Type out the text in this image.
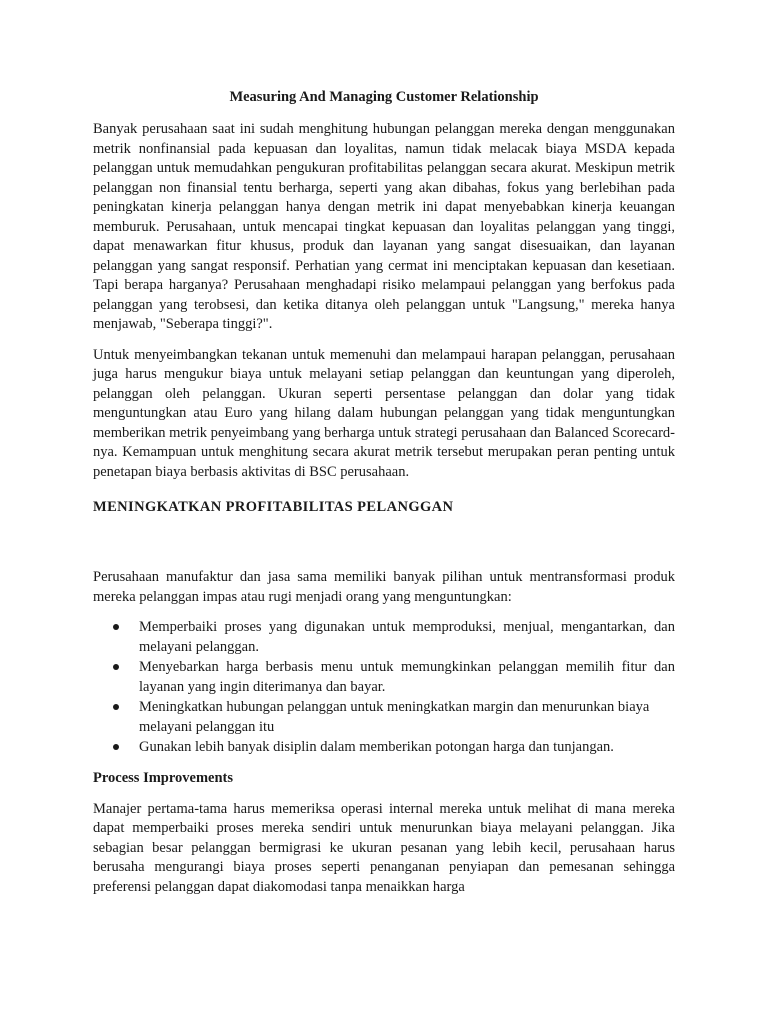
Measuring And Managing Customer Relationship

Banyak perusahaan saat ini sudah menghitung hubungan pelanggan mereka dengan menggunakan metrik nonfinansial pada kepuasan dan loyalitas, namun tidak melacak biaya MSDA kepada pelanggan untuk memudahkan pengukuran profitabilitas pelanggan secara akurat. Meskipun metrik pelanggan non finansial tentu berharga, seperti yang akan dibahas, fokus yang berlebihan pada peningkatan kinerja pelanggan hanya dengan metrik ini dapat menyebabkan kinerja keuangan memburuk. Perusahaan, untuk mencapai tingkat kepuasan dan loyalitas pelanggan yang tinggi, dapat menawarkan fitur khusus, produk dan layanan yang sangat disesuaikan, dan layanan pelanggan yang sangat responsif. Perhatian yang cermat ini menciptakan kepuasan dan kesetiaan. Tapi berapa harganya? Perusahaan menghadapi risiko melampaui pelanggan yang berfokus pada pelanggan yang terobsesi, dan ketika ditanya oleh pelanggan untuk "Langsung," mereka hanya menjawab, "Seberapa tinggi?".

Untuk menyeimbangkan tekanan untuk memenuhi dan melampaui harapan pelanggan, perusahaan juga harus mengukur biaya untuk melayani setiap pelanggan dan keuntungan yang diperoleh, pelanggan oleh pelanggan. Ukuran seperti persentase pelanggan dan dolar yang tidak menguntungkan atau Euro yang hilang dalam hubungan pelanggan yang tidak menguntungkan memberikan metrik penyeimbang yang berharga untuk strategi perusahaan dan Balanced Scorecard-nya. Kemampuan untuk menghitung secara akurat metrik tersebut merupakan peran penting untuk penetapan biaya berbasis aktivitas di BSC perusahaan.

MENINGKATKAN PROFITABILITAS PELANGGAN

Perusahaan manufaktur dan jasa sama memiliki banyak pilihan untuk mentransformasi produk mereka pelanggan impas atau rugi menjadi orang yang menguntungkan:

Memperbaiki proses yang digunakan untuk memproduksi, menjual, mengantarkan, dan melayani pelanggan.
Menyebarkan harga berbasis menu untuk memungkinkan pelanggan memilih fitur dan layanan yang ingin diterimanya dan bayar.
Meningkatkan hubungan pelanggan untuk meningkatkan margin dan menurunkan biaya
melayani pelanggan itu
Gunakan lebih banyak disiplin dalam memberikan potongan harga dan tunjangan.
Process Improvements

Manajer pertama-tama harus memeriksa operasi internal mereka untuk melihat di mana mereka dapat memperbaiki proses mereka sendiri untuk menurunkan biaya melayani pelanggan. Jika sebagian besar pelanggan bermigrasi ke ukuran pesanan yang lebih kecil, perusahaan harus berusaha mengurangi biaya proses seperti penanganan penyiapan dan pemesanan sehingga preferensi pelanggan dapat diakomodasi tanpa menaikkan harga
